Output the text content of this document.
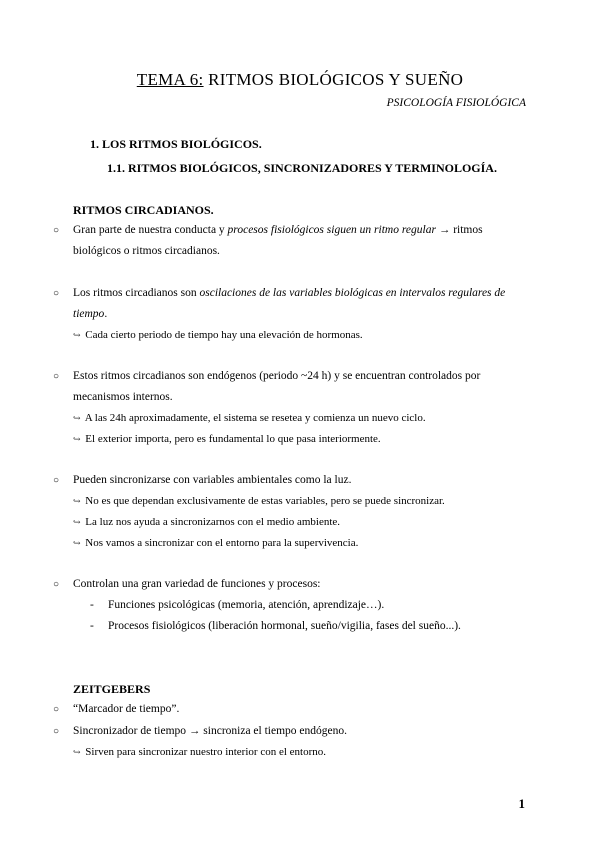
TEMA 6: RITMOS BIOLÓGICOS Y SUEÑO
PSICOLOGÍA FISIOLÓGICA
1. LOS RITMOS BIOLÓGICOS.
1.1. RITMOS BIOLÓGICOS, SINCRONIZADORES Y TERMINOLOGÍA.
RITMOS CIRCADIANOS.
○	Gran parte de nuestra conducta y procesos fisiológicos siguen un ritmo regular → ritmos biológicos o ritmos circadianos.
○	Los ritmos circadianos son oscilaciones de las variables biológicas en intervalos regulares de tiempo.
↪ Cada cierto periodo de tiempo hay una elevación de hormonas.
○	Estos ritmos circadianos son endógenos (periodo ~24 h) y se encuentran controlados por mecanismos internos.
↪ A las 24h aproximadamente, el sistema se resetea y comienza un nuevo ciclo.
↪ El exterior importa, pero es fundamental lo que pasa interiormente.
○	Pueden sincronizarse con variables ambientales como la luz.
↪ No es que dependan exclusivamente de estas variables, pero se puede sincronizar.
↪ La luz nos ayuda a sincronizarnos con el medio ambiente.
↪ Nos vamos a sincronizar con el entorno para la supervivencia.
○	Controlan una gran variedad de funciones y procesos:
- Funciones psicológicas (memoria, atención, aprendizaje…).
- Procesos fisiológicos (liberación hormonal, sueño/vigilia, fases del sueño...).
ZEITGEBERS
○	“Marcador de tiempo”.
○	Sincronizador de tiempo → sincroniza el tiempo endógeno.
↪ Sirven para sincronizar nuestro interior con el entorno.
1
